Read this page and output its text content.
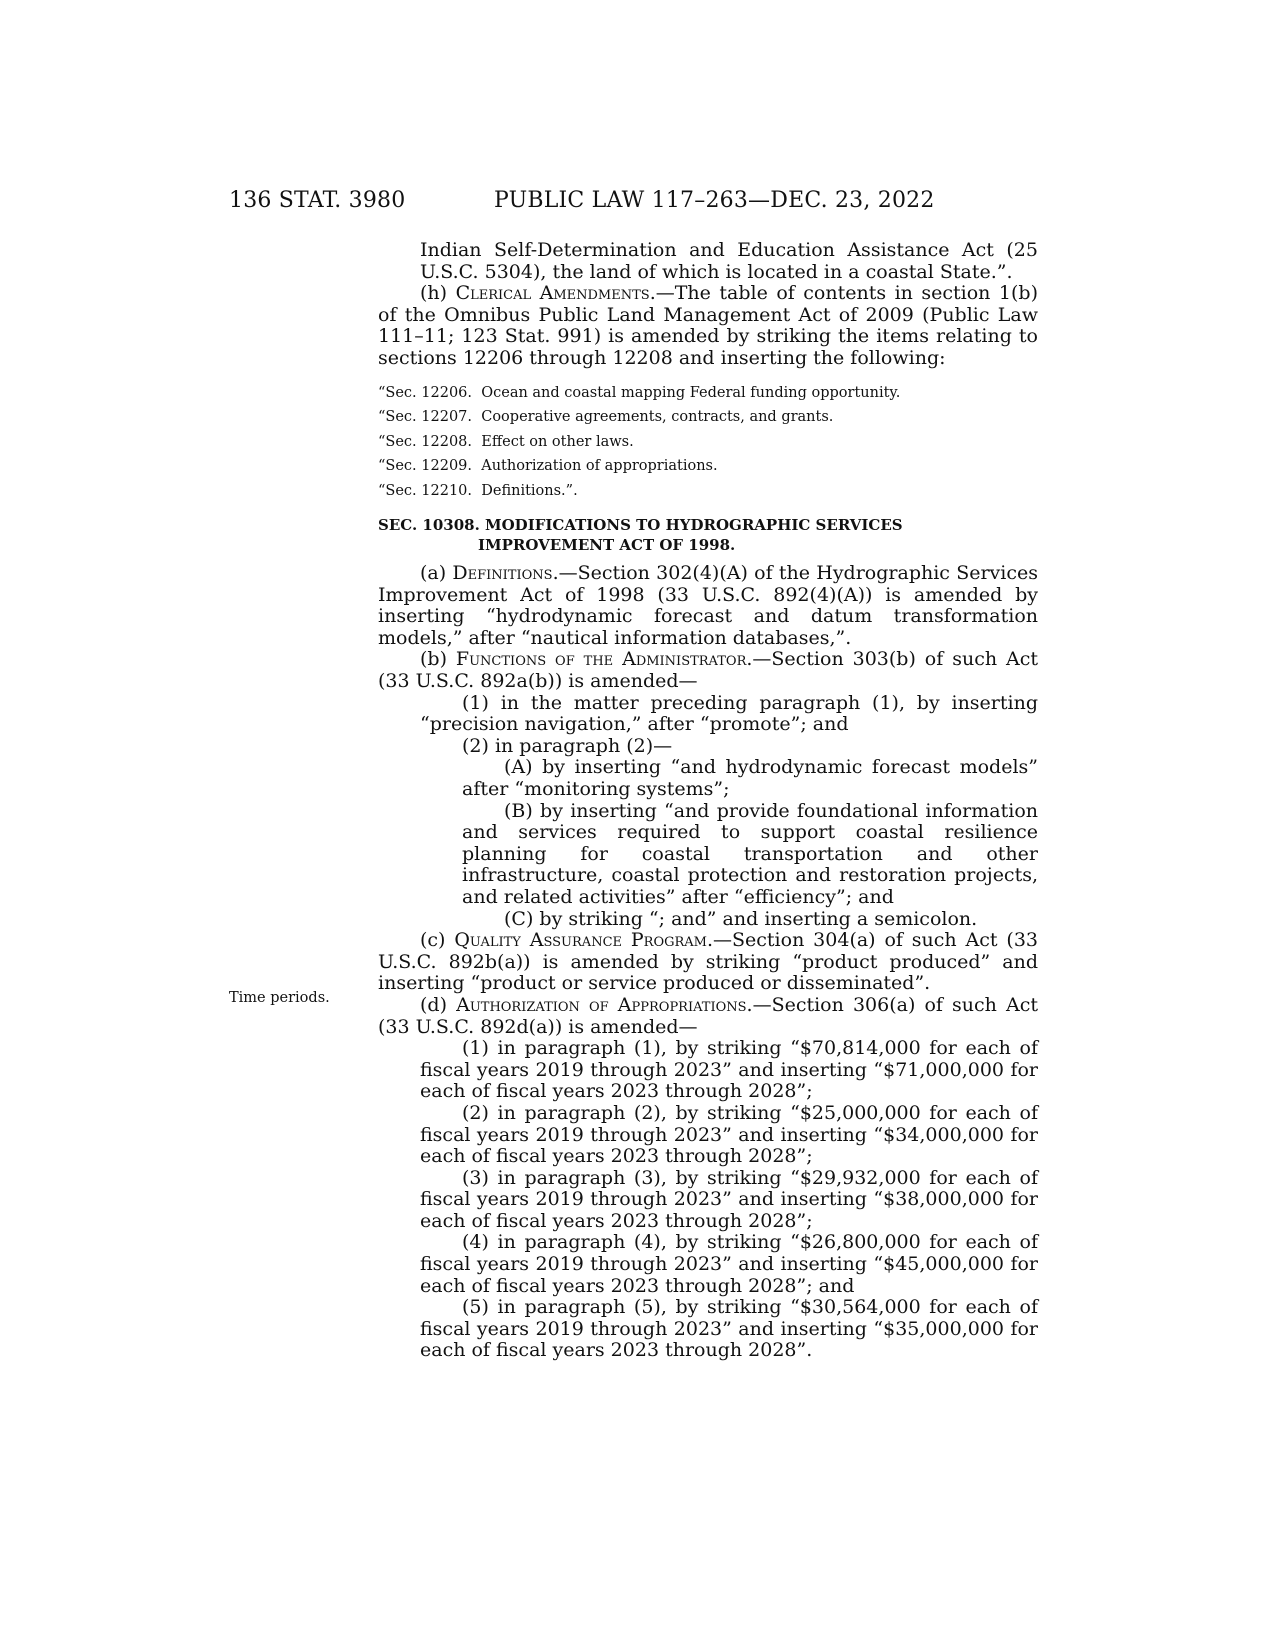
136 STAT. 3980	PUBLIC LAW 117–263—DEC. 23, 2022
Time periods.

Indian Self-Determination and Education Assistance Act (25 U.S.C. 5304), the land of which is located in a coastal State.”.

(h) Clerical Amendments.—The table of contents in section 1(b) of the Omnibus Public Land Management Act of 2009 (Public Law 111–11; 123 Stat. 991) is amended by striking the items relating to sections 12206 through 12208 and inserting the following:

“Sec. 12206. Ocean and coastal mapping Federal funding opportunity.
“Sec. 12207. Cooperative agreements, contracts, and grants.
“Sec. 12208. Effect on other laws.
“Sec. 12209. Authorization of appropriations.
“Sec. 12210. Definitions.”.

SEC. 10308. MODIFICATIONS TO HYDROGRAPHIC SERVICES IMPROVEMENT ACT OF 1998.

(a) Definitions.—Section 302(4)(A) of the Hydrographic Services Improvement Act of 1998 (33 U.S.C. 892(4)(A)) is amended by inserting “hydrodynamic forecast and datum transformation models,” after “nautical information databases,”.

(b) Functions of the Administrator.—Section 303(b) of such Act (33 U.S.C. 892a(b)) is amended—

(1) in the matter preceding paragraph (1), by inserting “precision navigation,” after “promote”; and

(2) in paragraph (2)—

(A) by inserting “and hydrodynamic forecast models” after “monitoring systems”;

(B) by inserting “and provide foundational information and services required to support coastal resilience planning for coastal transportation and other infrastructure, coastal protection and restoration projects, and related activities” after “efficiency”; and

(C) by striking “; and” and inserting a semicolon.

(c) Quality Assurance Program.—Section 304(a) of such Act (33 U.S.C. 892b(a)) is amended by striking “product produced” and inserting “product or service produced or disseminated”.

(d) Authorization of Appropriations.—Section 306(a) of such Act (33 U.S.C. 892d(a)) is amended—

(1) in paragraph (1), by striking “$70,814,000 for each of fiscal years 2019 through 2023” and inserting “$71,000,000 for each of fiscal years 2023 through 2028”;

(2) in paragraph (2), by striking “$25,000,000 for each of fiscal years 2019 through 2023” and inserting “$34,000,000 for each of fiscal years 2023 through 2028”;

(3) in paragraph (3), by striking “$29,932,000 for each of fiscal years 2019 through 2023” and inserting “$38,000,000 for each of fiscal years 2023 through 2028”;

(4) in paragraph (4), by striking “$26,800,000 for each of fiscal years 2019 through 2023” and inserting “$45,000,000 for each of fiscal years 2023 through 2028”; and

(5) in paragraph (5), by striking “$30,564,000 for each of fiscal years 2019 through 2023” and inserting “$35,000,000 for each of fiscal years 2023 through 2028”.
